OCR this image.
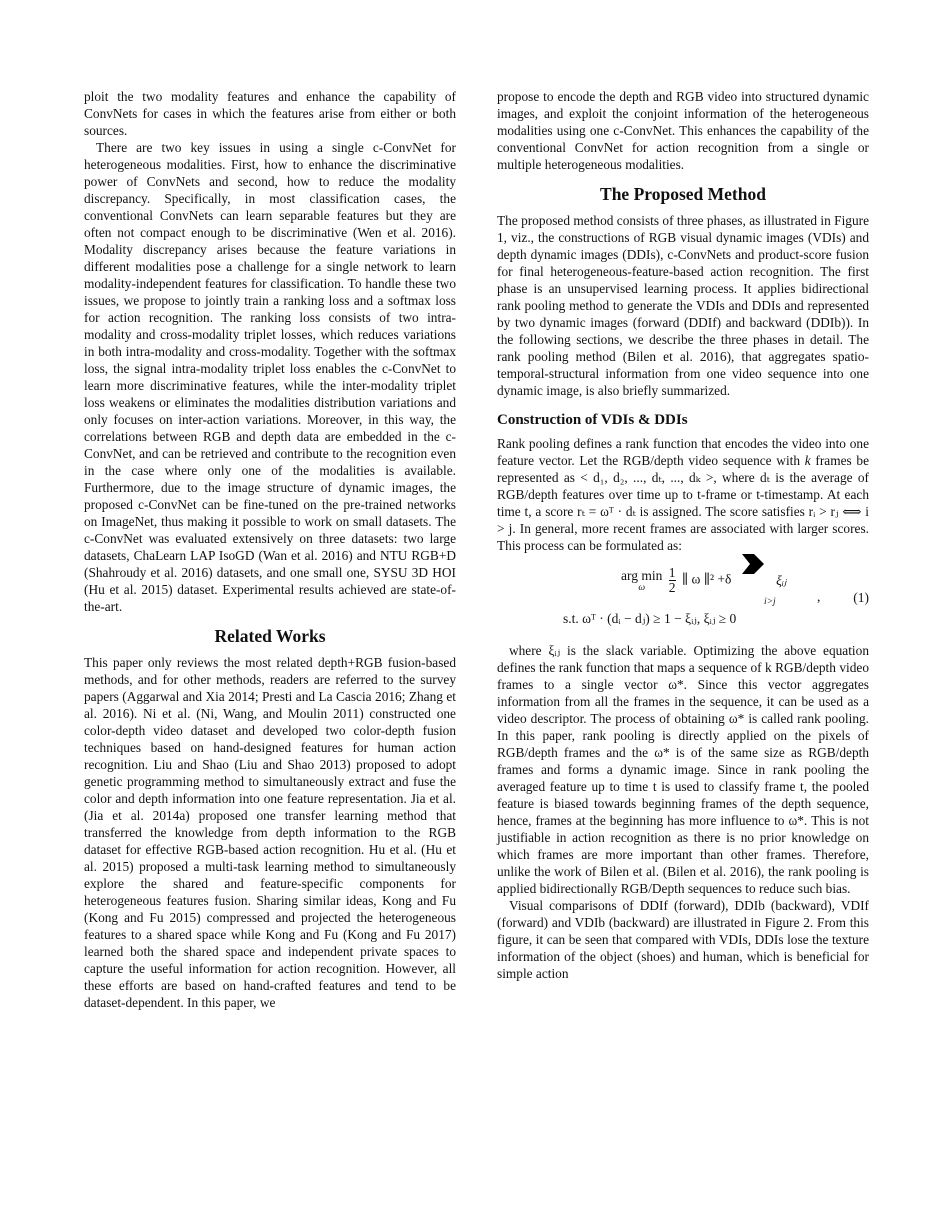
ploit the two modality features and enhance the capability of ConvNets for cases in which the features arise from either or both sources.

There are two key issues in using a single c-ConvNet for heterogeneous modalities. First, how to enhance the discriminative power of ConvNets and second, how to reduce the modality discrepancy. Specifically, in most classification cases, the conventional ConvNets can learn separable features but they are often not compact enough to be discriminative (Wen et al. 2016). Modality discrepancy arises because the feature variations in different modalities pose a challenge for a single network to learn modality-independent features for classification. To handle these two issues, we propose to jointly train a ranking loss and a softmax loss for action recognition. The ranking loss consists of two intra-modality and cross-modality triplet losses, which reduces variations in both intra-modality and cross-modality. Together with the softmax loss, the signal intra-modality triplet loss enables the c-ConvNet to learn more discriminative features, while the inter-modality triplet loss weakens or eliminates the modalities distribution variations and only focuses on inter-action variations. Moreover, in this way, the correlations between RGB and depth data are embedded in the c-ConvNet, and can be retrieved and contribute to the recognition even in the case where only one of the modalities is available. Furthermore, due to the image structure of dynamic images, the proposed c-ConvNet can be fine-tuned on the pre-trained networks on ImageNet, thus making it possible to work on small datasets. The c-ConvNet was evaluated extensively on three datasets: two large datasets, ChaLearn LAP IsoGD (Wan et al. 2016) and NTU RGB+D (Shahroudy et al. 2016) datasets, and one small one, SYSU 3D HOI (Hu et al. 2015) dataset. Experimental results achieved are state-of-the-art.

Related Works

This paper only reviews the most related depth+RGB fusion-based methods, and for other methods, readers are referred to the survey papers (Aggarwal and Xia 2014; Presti and La Cascia 2016; Zhang et al. 2016). Ni et al. (Ni, Wang, and Moulin 2011) constructed one color-depth video dataset and developed two color-depth fusion techniques based on hand-designed features for human action recognition. Liu and Shao (Liu and Shao 2013) proposed to adopt genetic programming method to simultaneously extract and fuse the color and depth information into one feature representation. Jia et al. (Jia et al. 2014a) proposed one transfer learning method that transferred the knowledge from depth information to the RGB dataset for effective RGB-based action recognition. Hu et al. (Hu et al. 2015) proposed a multi-task learning method to simultaneously explore the shared and feature-specific components for heterogeneous features fusion. Sharing similar ideas, Kong and Fu (Kong and Fu 2015) compressed and projected the heterogeneous features to a shared space while Kong and Fu (Kong and Fu 2017) learned both the shared space and independent private spaces to capture the useful information for action recognition. However, all these efforts are based on hand-crafted features and tend to be dataset-dependent. In this paper, we

propose to encode the depth and RGB video into structured dynamic images, and exploit the conjoint information of the heterogeneous modalities using one c-ConvNet. This enhances the capability of the conventional ConvNet for action recognition from a single or multiple heterogeneous modalities.

The Proposed Method

The proposed method consists of three phases, as illustrated in Figure 1, viz., the constructions of RGB visual dynamic images (VDIs) and depth dynamic images (DDIs), c-ConvNets and product-score fusion for final heterogeneous-feature-based action recognition. The first phase is an unsupervised learning process. It applies bidirectional rank pooling method to generate the VDIs and DDIs and represented by two dynamic images (forward (DDIf) and backward (DDIb)). In the following sections, we describe the three phases in detail. The rank pooling method (Bilen et al. 2016), that aggregates spatio-temporal-structural information from one video sequence into one dynamic image, is also briefly summarized.

Construction of VDIs & DDIs

Rank pooling defines a rank function that encodes the video into one feature vector. Let the RGB/depth video sequence with k frames be represented as < d₁, d₂, ..., dₜ, ..., dₖ >, where dₜ is the average of RGB/depth features over time up to t-frame or t-timestamp. At each time t, a score rₜ = ωᵀ · dₜ is assigned. The score satisfies rᵢ > rⱼ ⟺ i > j. In general, more recent frames are associated with larger scores. This process can be formulated as:

arg min
ω
	$\frac{1}{2}$ ∥ ω ∥² +δ	ξᵢⱼ
i>j	,
s.t. ωᵀ · (dᵢ − dⱼ) ≥ 1 − ξᵢⱼ, ξᵢⱼ ≥ 0
(1)

where ξᵢⱼ is the slack variable. Optimizing the above equation defines the rank function that maps a sequence of k RGB/depth video frames to a single vector ω*. Since this vector aggregates information from all the frames in the sequence, it can be used as a video descriptor. The process of obtaining ω* is called rank pooling. In this paper, rank pooling is directly applied on the pixels of RGB/depth frames and the ω* is of the same size as RGB/depth frames and forms a dynamic image. Since in rank pooling the averaged feature up to time t is used to classify frame t, the pooled feature is biased towards beginning frames of the depth sequence, hence, frames at the beginning has more influence to ω*. This is not justifiable in action recognition as there is no prior knowledge on which frames are more important than other frames. Therefore, unlike the work of Bilen et al. (Bilen et al. 2016), the rank pooling is applied bidirectionally RGB/Depth sequences to reduce such bias.

Visual comparisons of DDIf (forward), DDIb (backward), VDIf (forward) and VDIb (backward) are illustrated in Figure 2. From this figure, it can be seen that compared with VDIs, DDIs lose the texture information of the object (shoes) and human, which is beneficial for simple action
